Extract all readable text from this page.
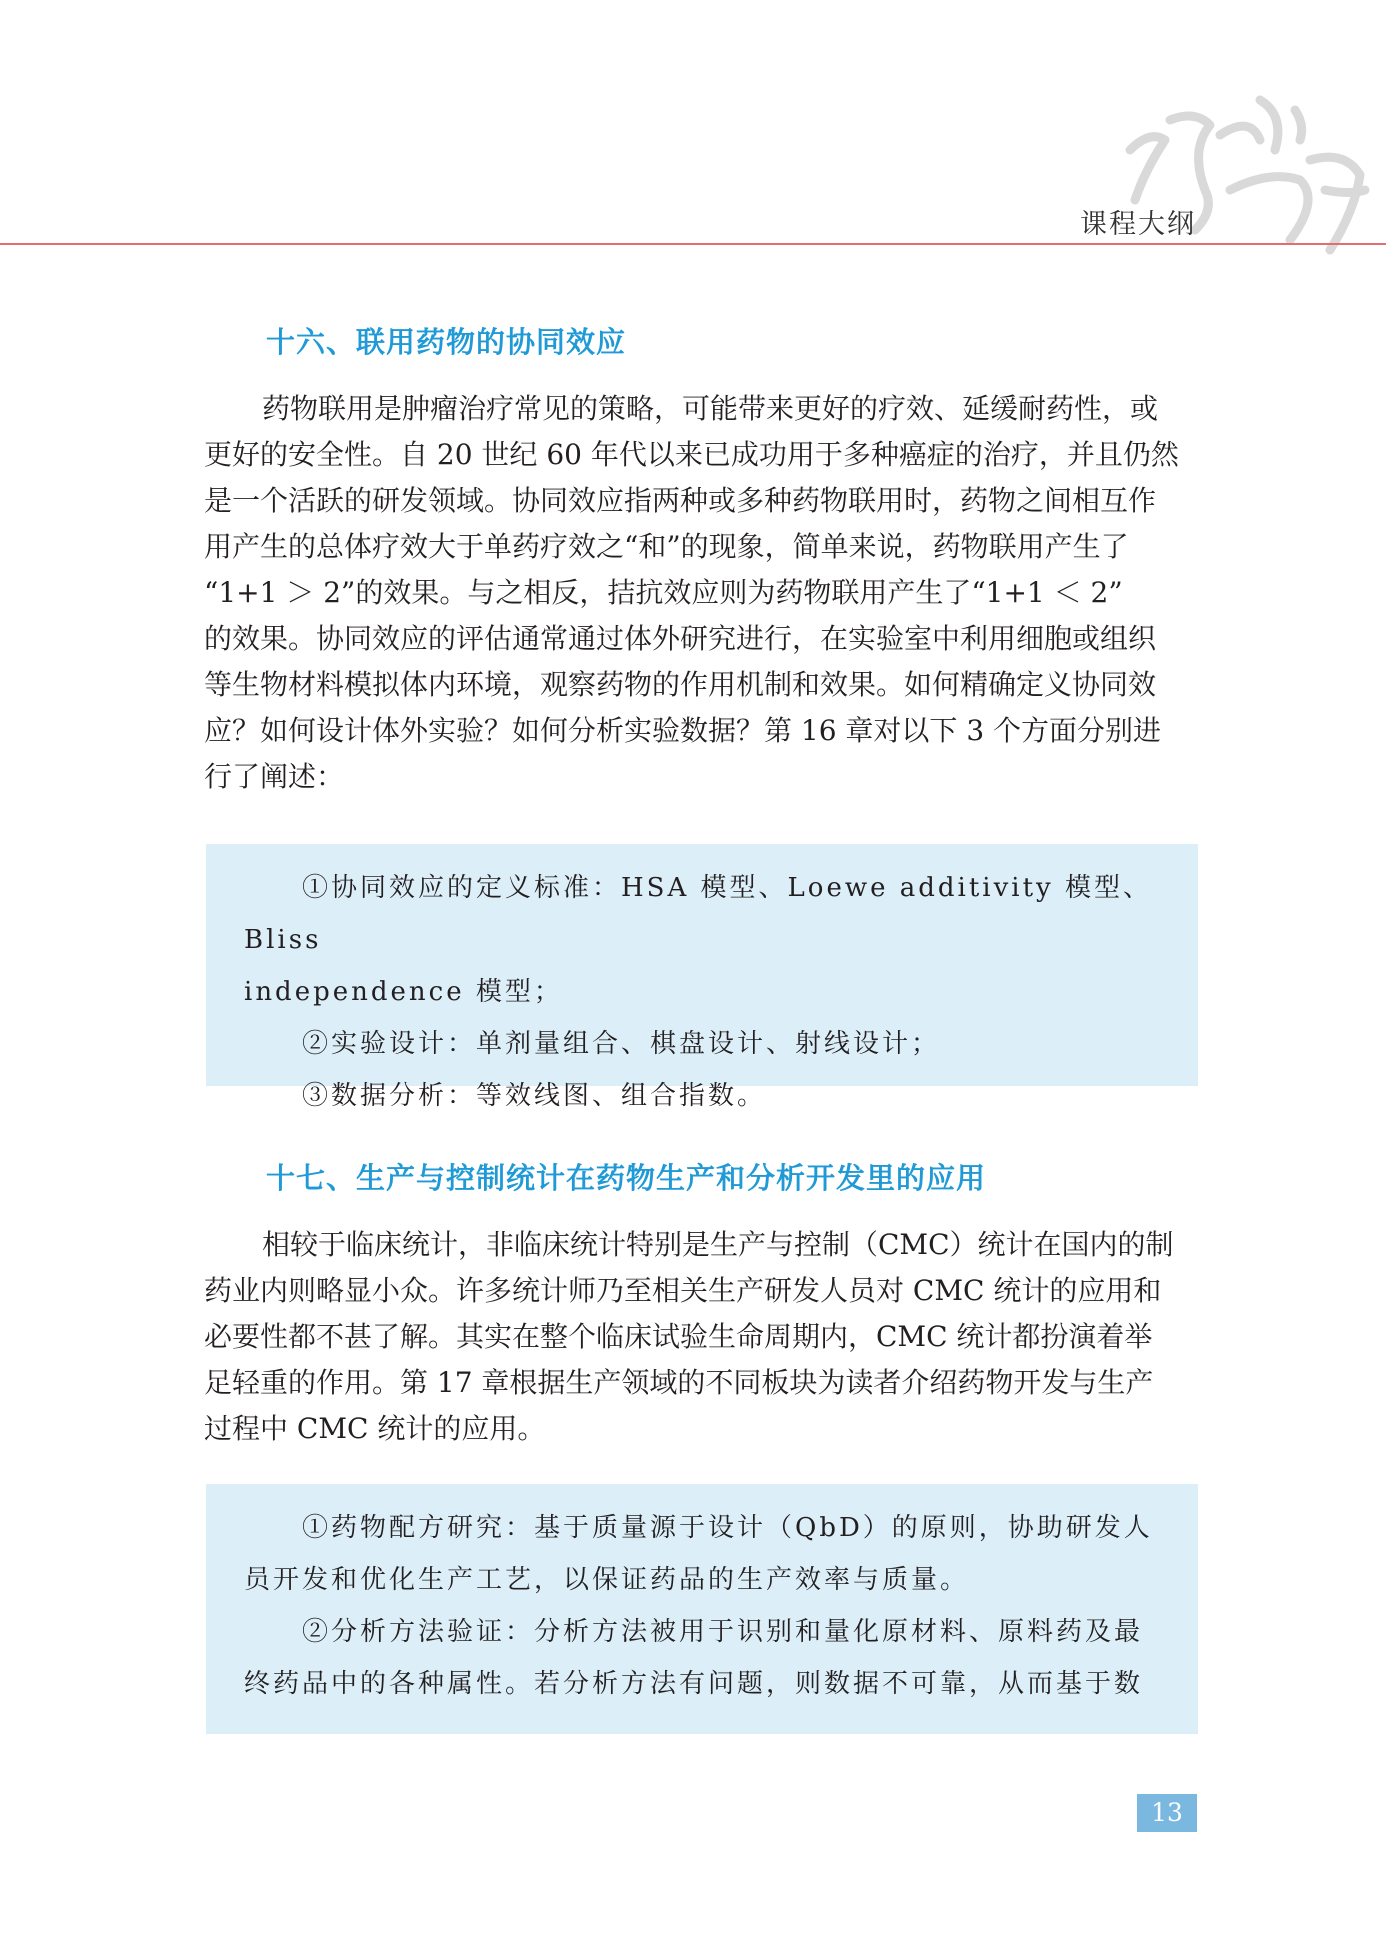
课程大纲
十六、联用药物的协同效应
药物联用是肿瘤治疗常见的策略，可能带来更好的疗效、延缓耐药性，或
更好的安全性。自 20 世纪 60 年代以来已成功用于多种癌症的治疗，并且仍然
是一个活跃的研发领域。协同效应指两种或多种药物联用时，药物之间相互作
用产生的总体疗效大于单药疗效之“和”的现象，简单来说，药物联用产生了
“1+1 ＞ 2”的效果。与之相反，拮抗效应则为药物联用产生了“1+1 ＜ 2”
的效果。协同效应的评估通常通过体外研究进行，在实验室中利用细胞或组织
等生物材料模拟体内环境，观察药物的作用机制和效果。如何精确定义协同效
应？如何设计体外实验？如何分析实验数据？第 16 章对以下 3 个方面分别进
行了阐述：

①协同效应的定义标准：HSA 模型、Loewe additivity 模型、Bliss
independence 模型；

②实验设计：单剂量组合、棋盘设计、射线设计；

③数据分析：等效线图、组合指数。

十七、生产与控制统计在药物生产和分析开发里的应用
相较于临床统计，非临床统计特别是生产与控制（CMC）统计在国内的制
药业内则略显小众。许多统计师乃至相关生产研发人员对 CMC 统计的应用和
必要性都不甚了解。其实在整个临床试验生命周期内，CMC 统计都扮演着举
足轻重的作用。第 17 章根据生产领域的不同板块为读者介绍药物开发与生产
过程中 CMC 统计的应用。

①药物配方研究：基于质量源于设计（QbD）的原则，协助研发人
员开发和优化生产工艺，以保证药品的生产效率与质量。

②分析方法验证：分析方法被用于识别和量化原材料、原料药及最
终药品中的各种属性。若分析方法有问题，则数据不可靠，从而基于数

13
